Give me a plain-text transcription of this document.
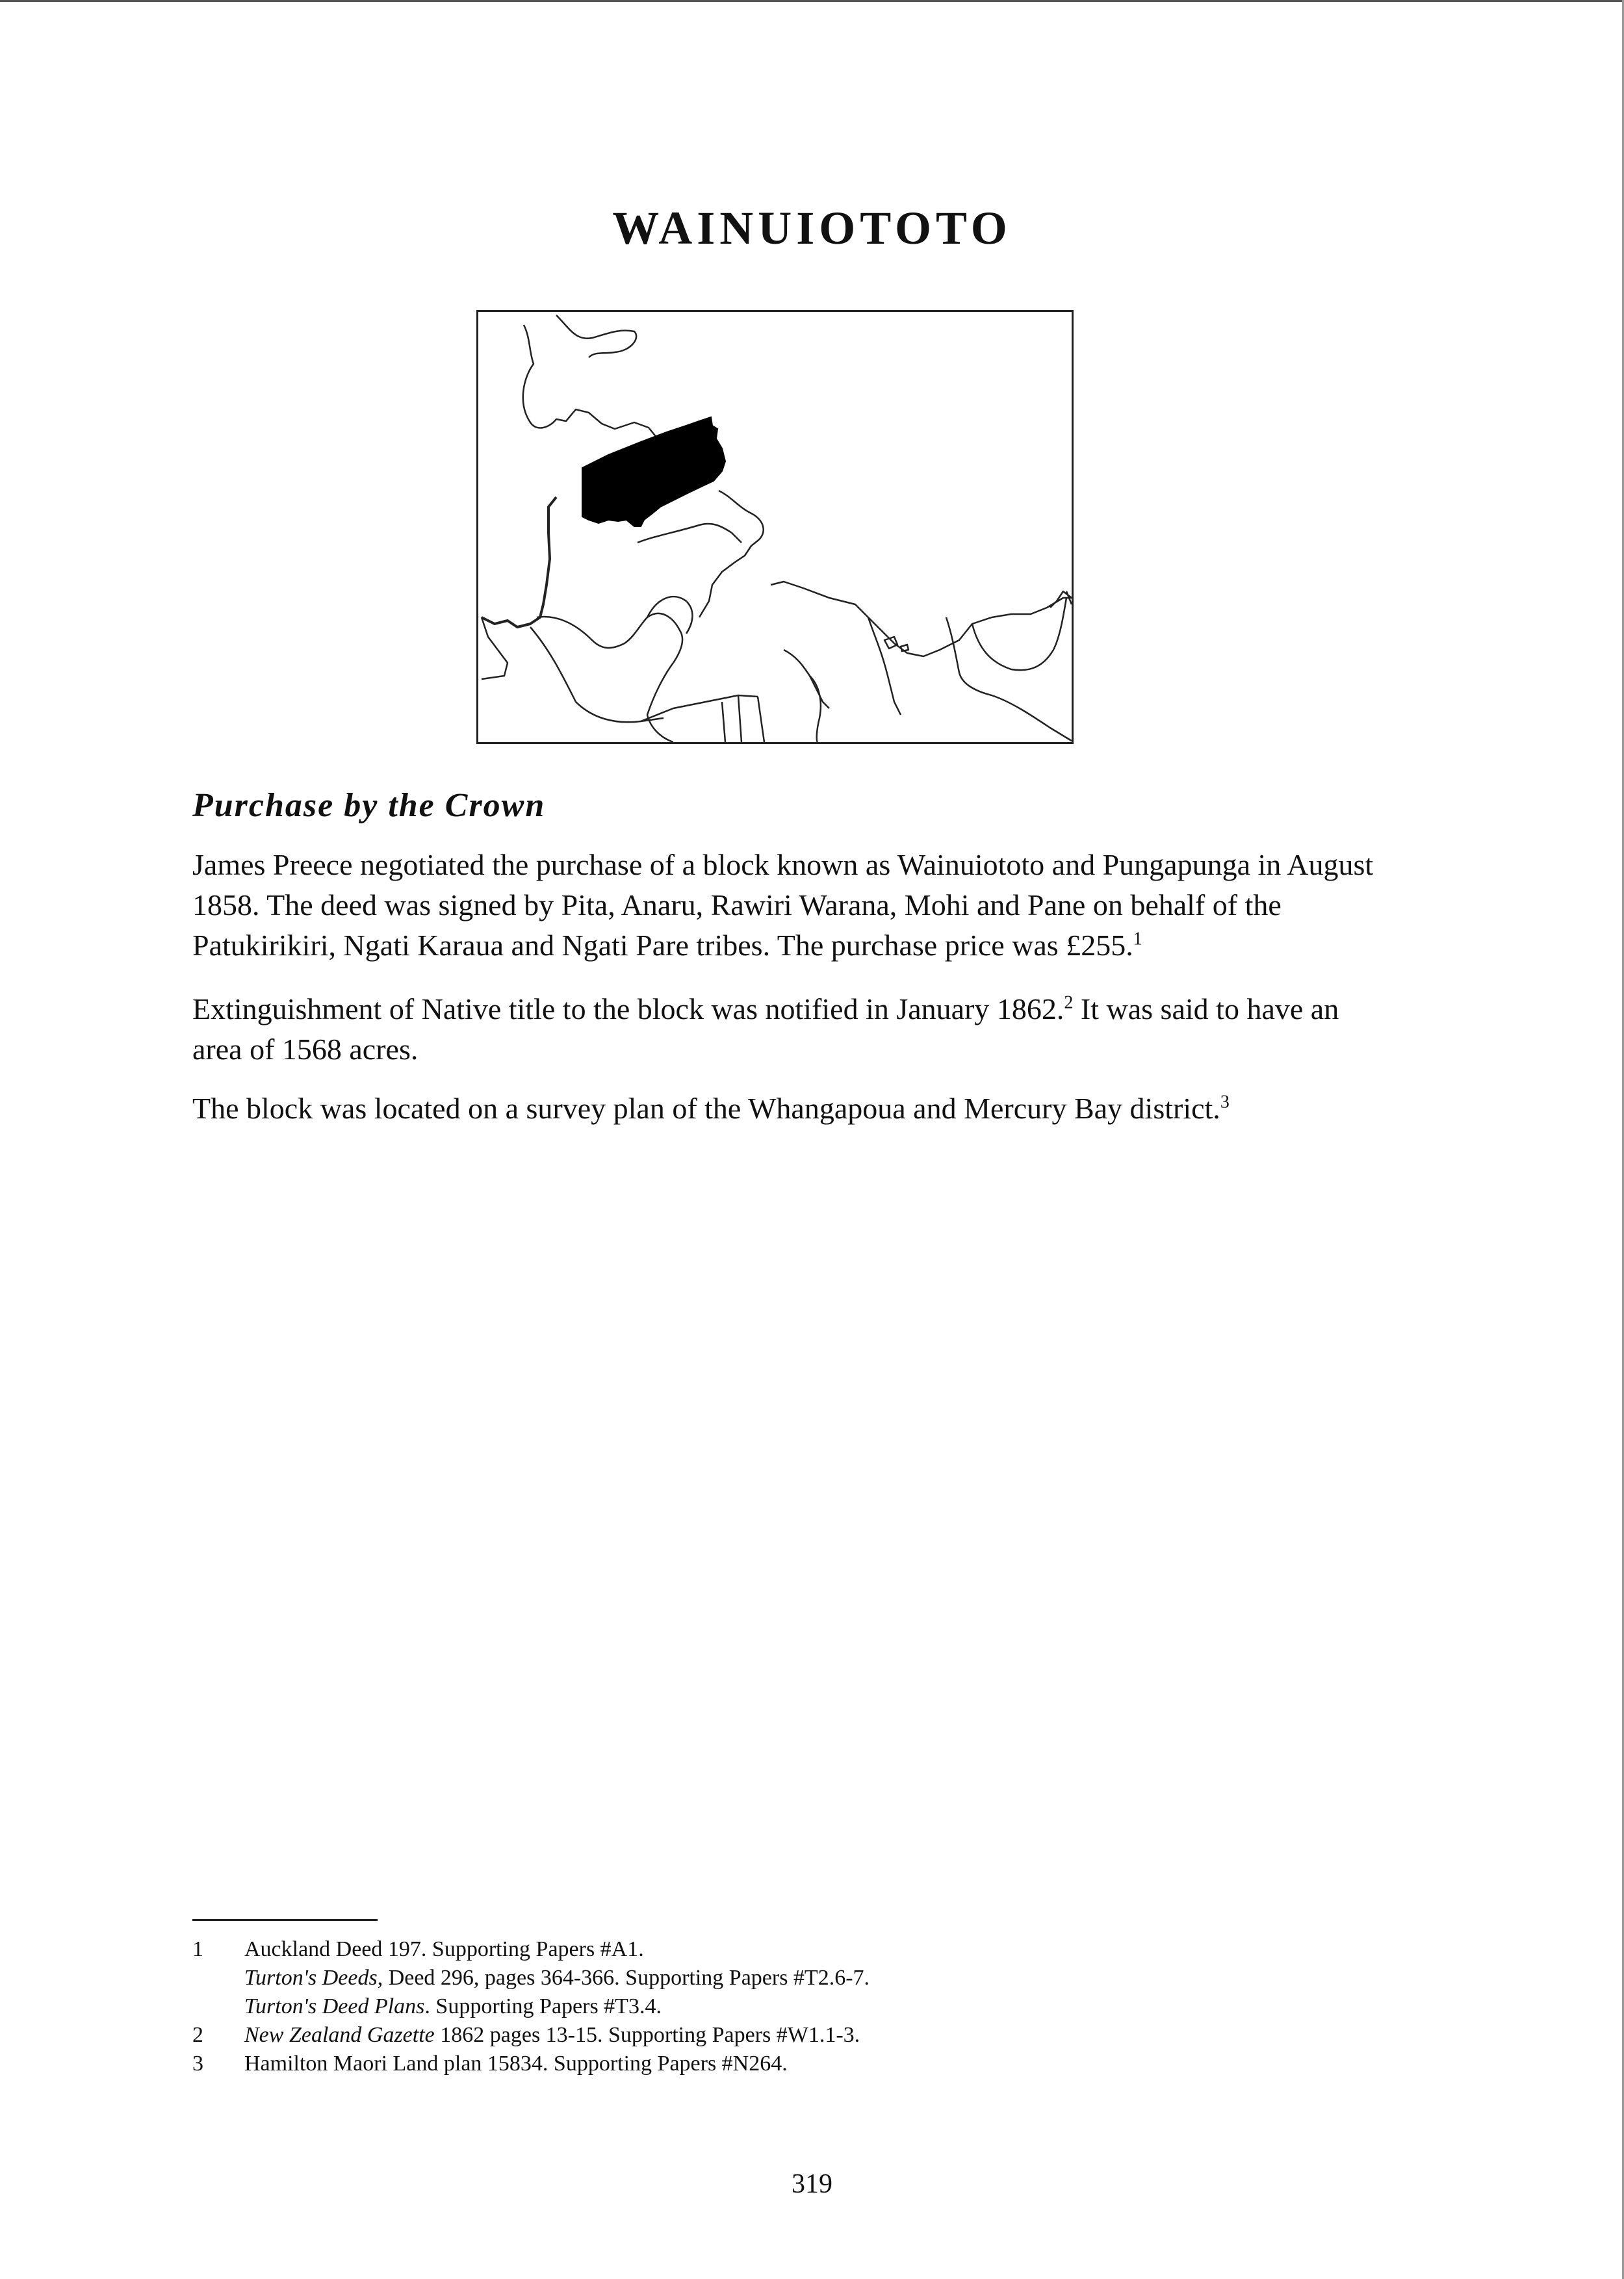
WAINUIOTOTO
Purchase by the Crown

James Preece negotiated the purchase of a block known as Wainuiototo and Pungapunga in August 1858. The deed was signed by Pita, Anaru, Rawiri Warana, Mohi and Pane on behalf of the Patukirikiri, Ngati Karaua and Ngati Pare tribes. The purchase price was £255.$^1$

Extinguishment of Native title to the block was notified in January 1862.$^2$ It was said to have an area of 1568 acres.

The block was located on a survey plan of the Whangapoua and Mercury Bay district.$^3$

1	Auckland Deed 197. Supporting Papers #A1.
Turton's Deeds, Deed 296, pages 364-366. Supporting Papers #T2.6-7.
Turton's Deed Plans. Supporting Papers #T3.4.
2	New Zealand Gazette 1862 pages 13-15. Supporting Papers #W1.1-3.
3	Hamilton Maori Land plan 15834. Supporting Papers #N264.
319
